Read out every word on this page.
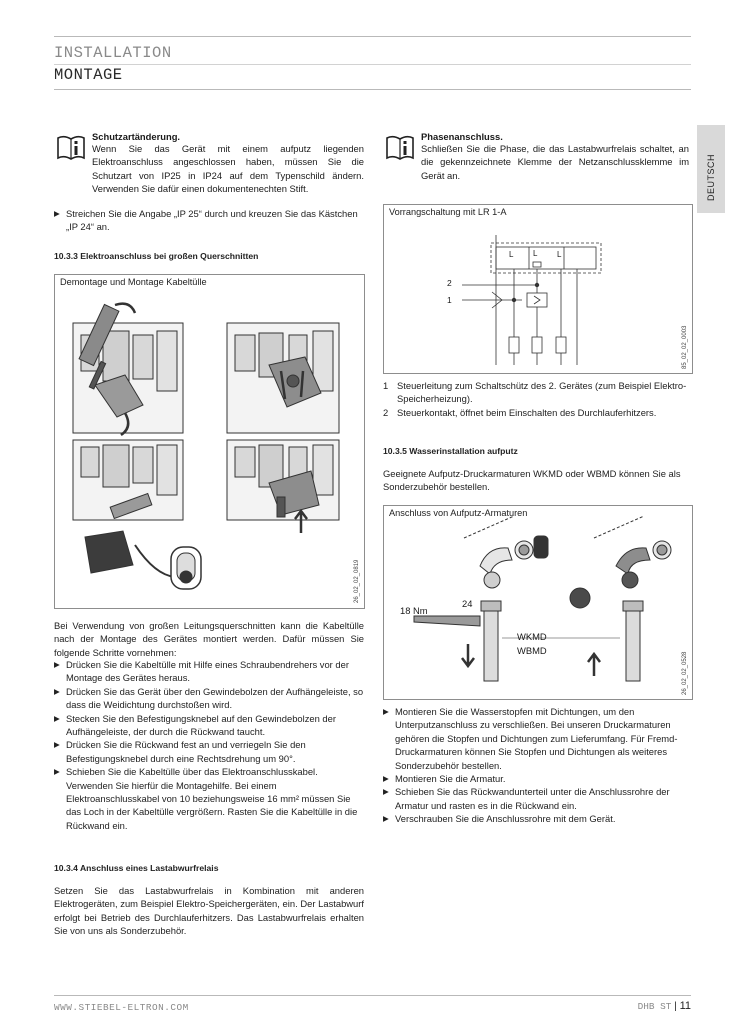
INSTALLATION
MONTAGE
DEUTSCH
Schutzartänderung.
Wenn Sie das Gerät mit einem aufputz liegenden Elektroanschluss angeschlossen haben, müssen Sie die Schutzart von IP25 in IP24 auf dem Typenschild ändern. Verwenden Sie dafür einen dokumentenechten Stift.
▶ Streichen Sie die Angabe „IP 25“ durch und kreuzen Sie das Kästchen „IP 24“ an.
10.3.3 Elektroanschluss bei großen Querschnitten
Demontage und Montage Kabeltülle
26_02_02_0819

Bei Verwendung von großen Leitungsquerschnitten kann die Kabeltülle nach der Montage des Gerätes montiert werden. Dafür müssen Sie folgende Schritte vornehmen:

▶ Drücken Sie die Kabeltülle mit Hilfe eines Schraubendrehers vor der Montage des Gerätes heraus.
▶ Drücken Sie das Gerät über den Gewindebolzen der Aufhängeleiste, so dass die Weidichtung durchstoßen wird.
▶ Stecken Sie den Befestigungsknebel auf den Gewindebolzen der Aufhängeleiste, der durch die Rückwand taucht.
▶ Drücken Sie die Rückwand fest an und verriegeln Sie den Befestigungsknebel durch eine Rechtsdrehung um 90°.
▶ Schieben Sie die Kabeltülle über das Elektroanschlusskabel. Verwenden Sie hierfür die Montagehilfe. Bei einem Elektroanschlusskabel von 10 beziehungsweise 16 mm² müssen Sie das Loch in der Kabeltülle vergrößern. Rasten Sie die Kabeltülle in die Rückwand ein.
10.3.4 Anschluss eines Lastabwurfrelais

Setzen Sie das Lastabwurfrelais in Kombination mit anderen Elektrogeräten, zum Beispiel Elektro-Speichergeräten, ein. Der Lastabwurf erfolgt bei Betrieb des Durchlauferhitzers. Das Lastabwurfrelais erhalten Sie von uns als Sonderzubehör.

Phasenanschluss.
Schließen Sie die Phase, die das Lastabwurfrelais schaltet, an die gekennzeichnete Klemme der Netzanschlussklemme im Gerät an.
Vorrangschaltung mit LR 1-A
L L L
2
1
85_02_02_0003
1 Steuerleitung zum Schaltschütz des 2. Gerätes (zum Beispiel Elektro-Speicherheizung).
2 Steuerkontakt, öffnet beim Einschalten des Durchlauferhitzers.
10.3.5 Wasserinstallation aufputz

Geeignete Aufputz-Druckarmaturen WKMD oder WBMD können Sie als Sonderzubehör bestellen.

Anschluss von Aufputz-Armaturen
18 Nm
24
WKMD
WBMD
26_02_02_0528
▶ Montieren Sie die Wasserstopfen mit Dichtungen, um den Unterputzanschluss zu verschließen. Bei unseren Druckarmaturen gehören die Stopfen und Dichtungen zum Lieferumfang. Für Fremd-Druckarmaturen können Sie Stopfen und Dichtungen als weiteres Sonderzubehör bestellen.
▶ Montieren Sie die Armatur.
▶ Schieben Sie das Rückwandunterteil unter die Anschlussrohre der Armatur und rasten es in die Rückwand ein.
▶ Verschrauben Sie die Anschlussrohre mit dem Gerät.
WWW.STIEBEL-ELTRON.COM	DHB ST | 11
